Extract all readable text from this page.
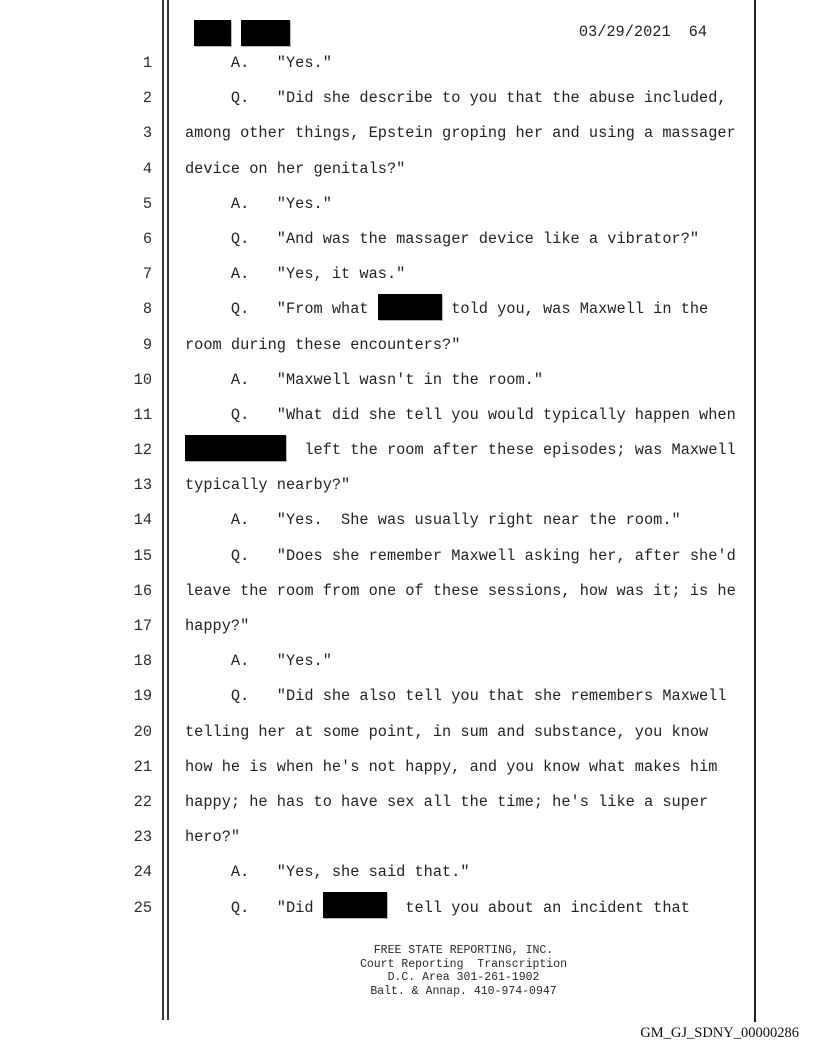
03/29/2021 64
1 A.   "Yes."
2 Q.   "Did she describe to you that the abuse included,
3 among other things, Epstein groping her and using a massager
4 device on her genitals?"
5 A.   "Yes."
6 Q.   "And was the massager device like a vibrator?"
7 A.   "Yes, it was."
8 Q.   "From what	told you, was Maxwell in the
9 room during these encounters?"
10 A.   "Maxwell wasn't in the room."
11 Q.   "What did she tell you would typically happen when
12	left the room after these episodes; was Maxwell
13 typically nearby?"
14 A.   "Yes.  She was usually right near the room."
15 Q.   "Does she remember Maxwell asking her, after she'd
16 leave the room from one of these sessions, how was it; is he
17 happy?"
18 A.   "Yes."
19 Q.   "Did she also tell you that she remembers Maxwell
20 telling her at some point, in sum and substance, you know
21 how he is when he's not happy, and you know what makes him
22 happy; he has to have sex all the time; he's like a super
23 hero?"
24 A.   "Yes, she said that."
25 Q.   "Did	tell you about an incident that
FREE STATE REPORTING, INC.
Court Reporting  Transcription
D.C. Area 301-261-1902
Balt. & Annap. 410-974-0947
GM_GJ_SDNY_00000286
